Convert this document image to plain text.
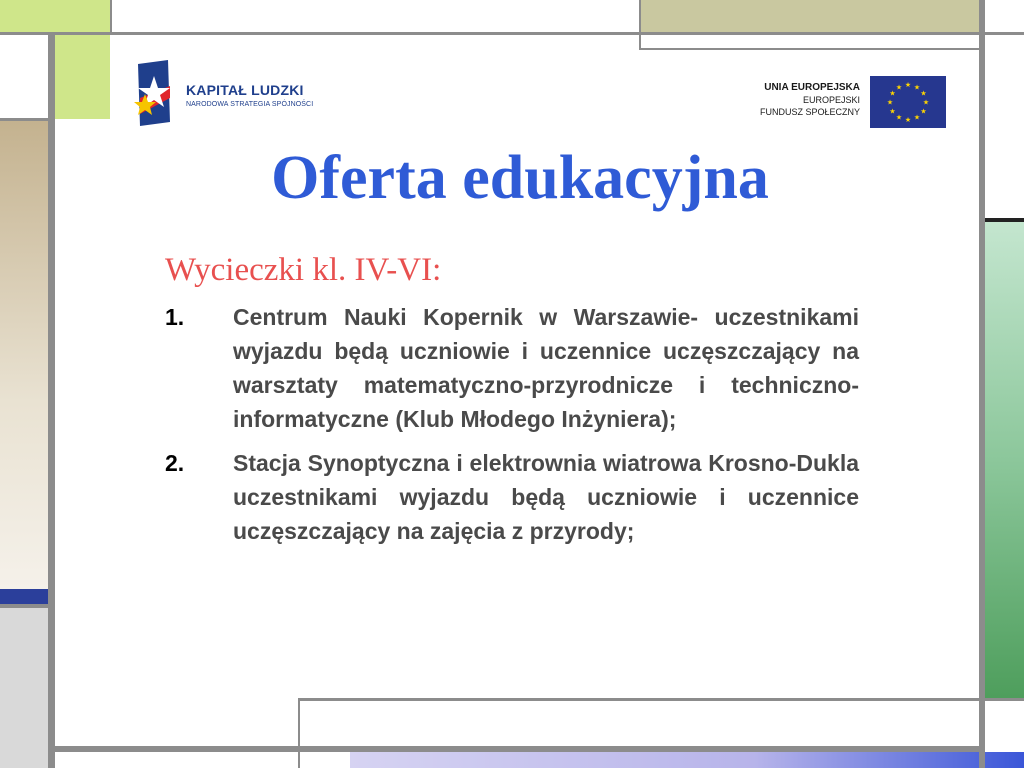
KAPITAŁ LUDZKI
NARODOWA STRATEGIA SPÓJNOŚCI
UNIA EUROPEJSKA
EUROPEJSKI
FUNDUSZ SPOŁECZNY
★ ★
★
★
★
★
★
★
★
★
★
★
Oferta edukacyjna
Wycieczki kl. IV-VI:
1. Centrum Nauki Kopernik w Warszawie- uczestnikami wyjazdu będą uczniowie i uczennice uczęszczający na warsztaty matematyczno-przyrodnicze i techniczno-informatyczne (Klub Młodego Inżyniera);
2. Stacja Synoptyczna i elektrownia wiatrowa Krosno-Dukla uczestnikami wyjazdu będą uczniowie i uczennice uczęszczający na zajęcia z przyrody;
